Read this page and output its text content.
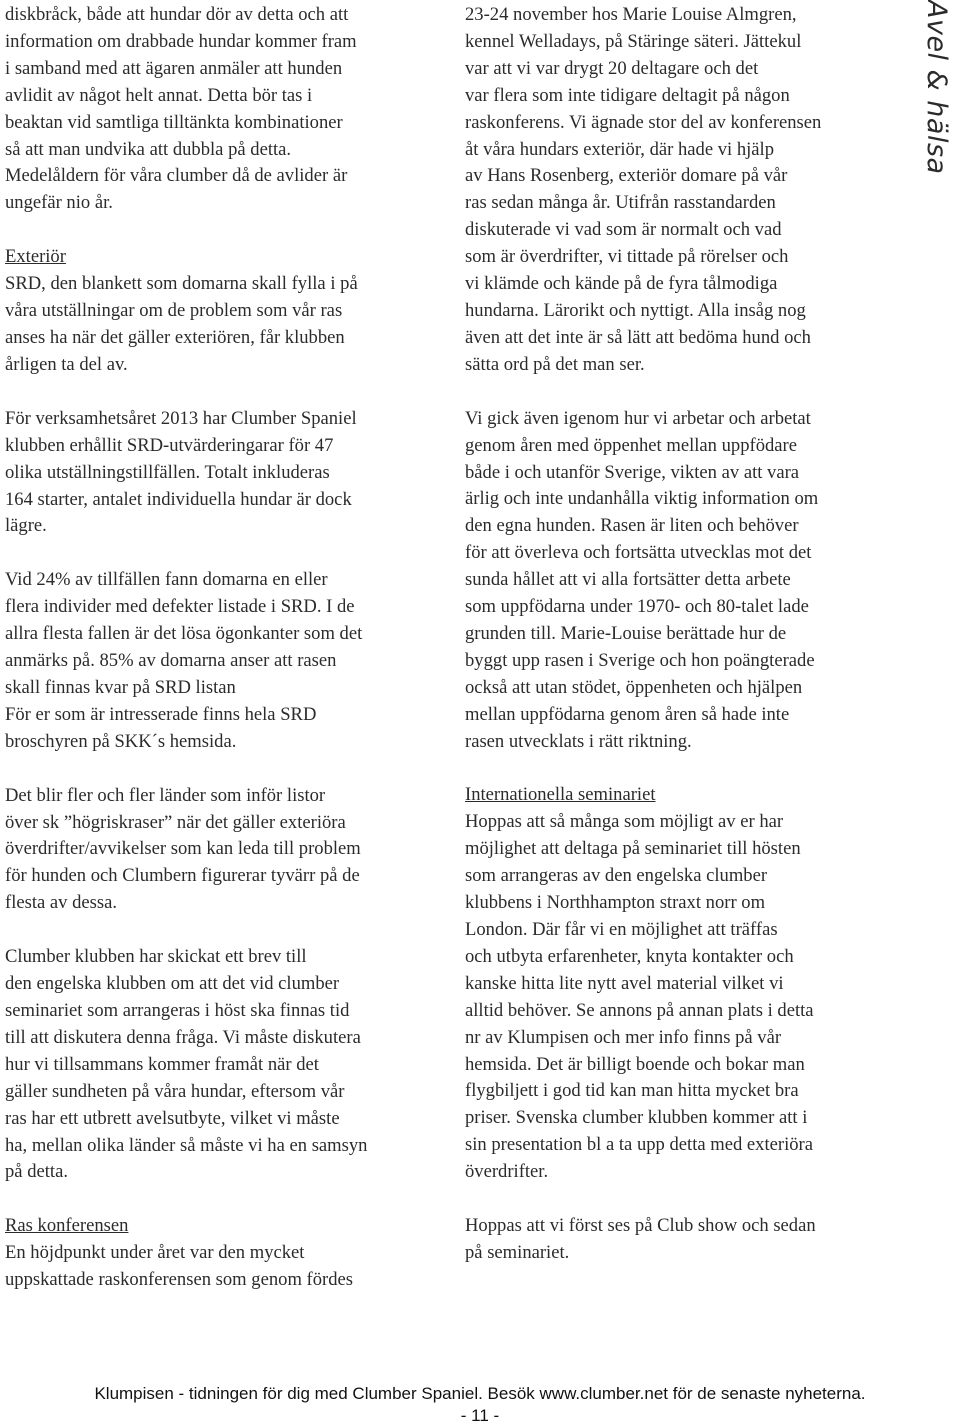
diskbråck, både att hundar dör av detta och att
information om drabbade hundar kommer fram
i samband med att ägaren anmäler att hunden
avlidit av något helt annat. Detta bör tas i
beaktan vid samtliga tilltänkta kombinationer
så att man undvika att dubbla på detta.
Medelåldern för våra clumber då de avlider är
ungefär nio år.
Exteriör
SRD, den blankett som domarna skall fylla i på
våra utställningar om de problem som vår ras
anses ha när det gäller exteriören, får klubben
årligen ta del av.
För verksamhetsåret 2013 har Clumber Spaniel
klubben erhållit SRD-utvärderingarar för 47
olika utställningstillfällen. Totalt inkluderas
164 starter, antalet individuella hundar är dock
lägre.
Vid 24% av tillfällen fann domarna en eller
flera individer med defekter listade i SRD. I de
allra flesta fallen är det lösa ögonkanter som det
anmärks på. 85% av domarna anser att rasen
skall finnas kvar på SRD listan
För er som är intresserade finns hela SRD
broschyren på SKK´s hemsida.
Det blir fler och fler länder som inför listor
över sk ”högriskraser” när det gäller exteriöra
överdrifter/avvikelser som kan leda till problem
för hunden och Clumbern figurerar tyvärr på de
flesta av dessa.
Clumber klubben har skickat ett brev till
den engelska klubben om att det vid clumber
seminariet som arrangeras i höst ska finnas tid
till att diskutera denna fråga. Vi måste diskutera
hur vi tillsammans kommer framåt när det
gäller sundheten på våra hundar, eftersom vår
ras har ett utbrett avelsutbyte, vilket vi måste
ha, mellan olika länder så måste vi ha en samsyn
på detta.
Ras konferensen
En höjdpunkt under året var den mycket
uppskattade raskonferensen som genom fördes
23-24 november hos Marie Louise Almgren,
kennel Welladays, på Stäringe säteri. Jättekul
var att vi var drygt 20 deltagare och det
var flera som inte tidigare deltagit på någon
raskonferens. Vi ägnade stor del av konferensen
åt våra hundars exteriör, där hade vi hjälp
av Hans Rosenberg, exteriör domare på vår
ras sedan många år. Utifrån rasstandarden
diskuterade vi vad som är normalt och vad
som är överdrifter, vi tittade på rörelser och
vi klämde och kände på de fyra tålmodiga
hundarna. Lärorikt och nyttigt. Alla insåg nog
även att det inte är så lätt att bedöma hund och
sätta ord på det man ser.
Vi gick även igenom hur vi arbetar och arbetat
genom åren med öppenhet mellan uppfödare
både i och utanför Sverige, vikten av att vara
ärlig och inte undanhålla viktig information om
den egna hunden. Rasen är liten och behöver
för att överleva och fortsätta utvecklas mot det
sunda hållet att vi alla fortsätter detta arbete
som uppfödarna under 1970- och 80-talet lade
grunden till. Marie-Louise berättade hur de
byggt upp rasen i Sverige och hon poängterade
också att utan stödet, öppenheten och hjälpen
mellan uppfödarna genom åren så hade inte
rasen utvecklats i rätt riktning.
Internationella seminariet
Hoppas att så många som möjligt av er har
möjlighet att deltaga på seminariet till hösten
som arrangeras av den engelska clumber
klubbens i Northhampton straxt norr om
London. Där får vi en möjlighet att träffas
och utbyta erfarenheter, knyta kontakter och
kanske hitta lite nytt avel material vilket vi
alltid behöver. Se annons på annan plats i detta
nr av Klumpisen och mer info finns på vår
hemsida. Det är billigt boende och bokar man
flygbiljett i god tid kan man hitta mycket bra
priser. Svenska clumber klubben kommer att i
sin presentation bl a ta upp detta med exteriöra
överdrifter.
Hoppas att vi först ses på Club show och sedan
på seminariet.
Avel & hälsa
Klumpisen - tidningen för dig med Clumber Spaniel. Besök www.clumber.net för de senaste nyheterna.
- 11 -
